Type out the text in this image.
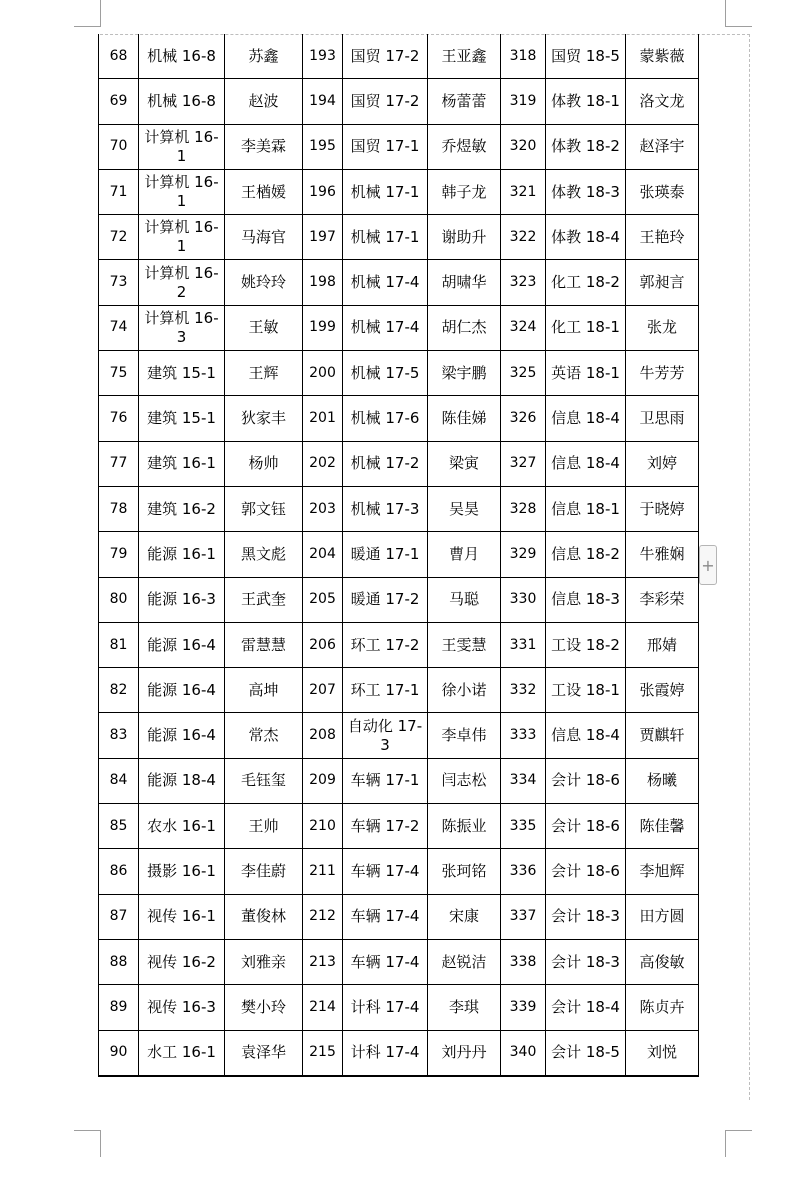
68	机械 16-8	苏鑫	193	国贸 17-2	王亚鑫	318	国贸 18-5	蒙紫薇
69	机械 16-8	赵波	194	国贸 17-2	杨蕾蕾	319	体教 18-1	洛文龙
70	计算机 16-1	李美霖	195	国贸 17-1	乔煜敏	320	体教 18-2	赵泽宇
71	计算机 16-1	王楢媛	196	机械 17-1	韩子龙	321	体教 18-3	张瑛泰
72	计算机 16-1	马海官	197	机械 17-1	谢助升	322	体教 18-4	王艳玲
73	计算机 16-2	姚玲玲	198	机械 17-4	胡啸华	323	化工 18-2	郭昶言
74	计算机 16-3	王敏	199	机械 17-4	胡仁杰	324	化工 18-1	张龙
75	建筑 15-1	王辉	200	机械 17-5	梁宇鹏	325	英语 18-1	牛芳芳
76	建筑 15-1	狄家丰	201	机械 17-6	陈佳娣	326	信息 18-4	卫思雨
77	建筑 16-1	杨帅	202	机械 17-2	梁寅	327	信息 18-4	刘婷
78	建筑 16-2	郭文钰	203	机械 17-3	吴昊	328	信息 18-1	于晓婷
79	能源 16-1	黑文彪	204	暖通 17-1	曹月	329	信息 18-2	牛雅娴
80	能源 16-3	王武奎	205	暖通 17-2	马聪	330	信息 18-3	李彩荣
81	能源 16-4	雷慧慧	206	环工 17-2	王雯慧	331	工设 18-2	邢婧
82	能源 16-4	高坤	207	环工 17-1	徐小诺	332	工设 18-1	张霞婷
83	能源 16-4	常杰	208	自动化 17-3	李卓伟	333	信息 18-4	贾麒轩
84	能源 18-4	毛钰玺	209	车辆 17-1	闫志松	334	会计 18-6	杨曦
85	农水 16-1	王帅	210	车辆 17-2	陈振业	335	会计 18-6	陈佳馨
86	摄影 16-1	李佳蔚	211	车辆 17-4	张珂铭	336	会计 18-6	李旭辉
87	视传 16-1	董俊林	212	车辆 17-4	宋康	337	会计 18-3	田方圆
88	视传 16-2	刘雅亲	213	车辆 17-4	赵锐洁	338	会计 18-3	高俊敏
89	视传 16-3	樊小玲	214	计科 17-4	李琪	339	会计 18-4	陈贞卉
90	水工 16-1	袁泽华	215	计科 17-4	刘丹丹	340	会计 18-5	刘悦
+
